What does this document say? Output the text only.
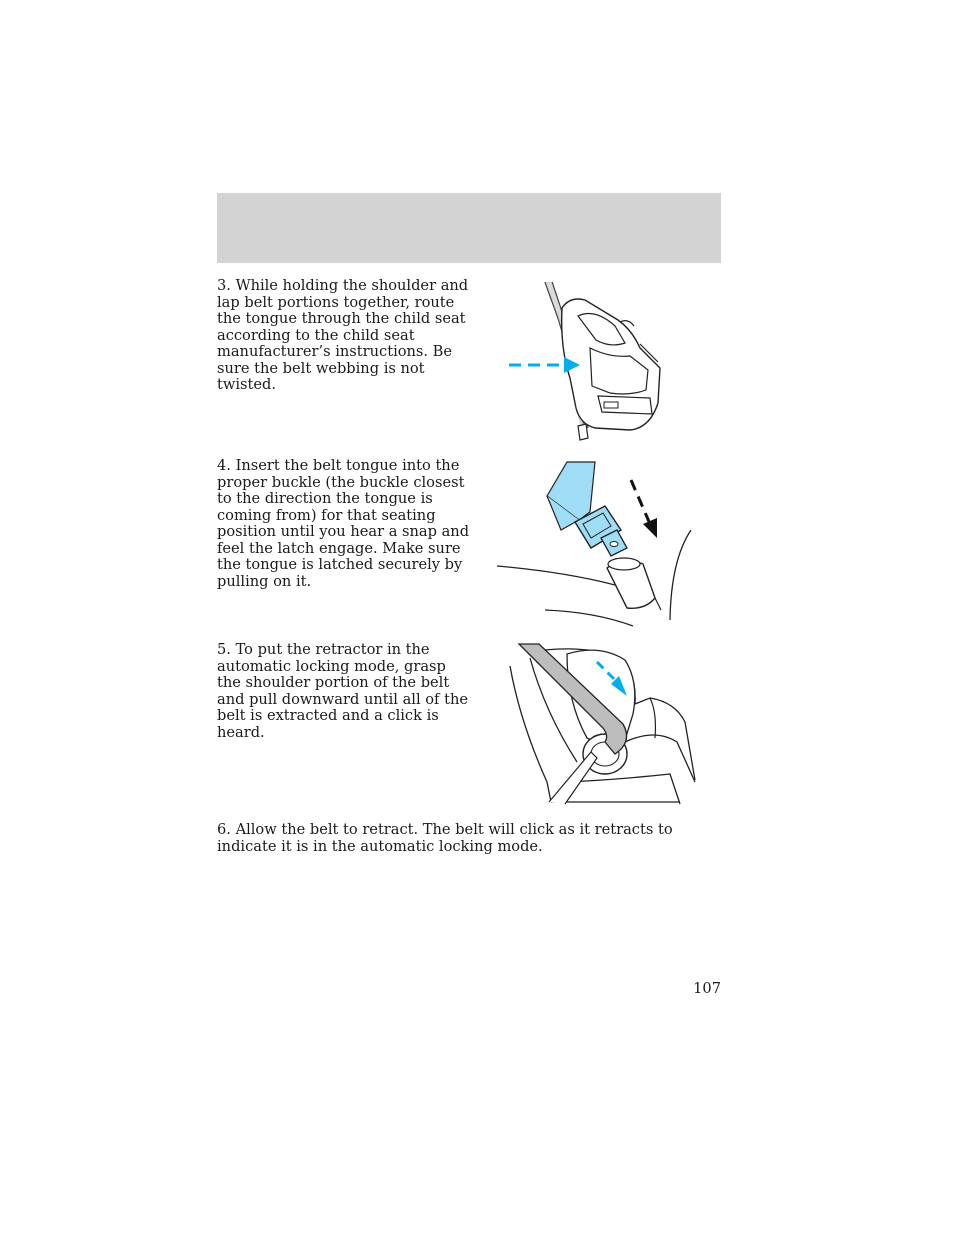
3. While holding the shoulder and lap belt portions together, route the tongue through the child seat according to the child seat manufacturer’s instructions. Be sure the belt webbing is not twisted.
4. Insert the belt tongue into the proper buckle (the buckle closest to the direction the tongue is coming from) for that seating position until you hear a snap and feel the latch engage. Make sure the tongue is latched securely by pulling on it.
5. To put the retractor in the automatic locking mode, grasp the shoulder portion of the belt and pull downward until all of the belt is extracted and a click is heard.
6. Allow the belt to retract. The belt will click as it retracts to indicate it is in the automatic locking mode.
107
